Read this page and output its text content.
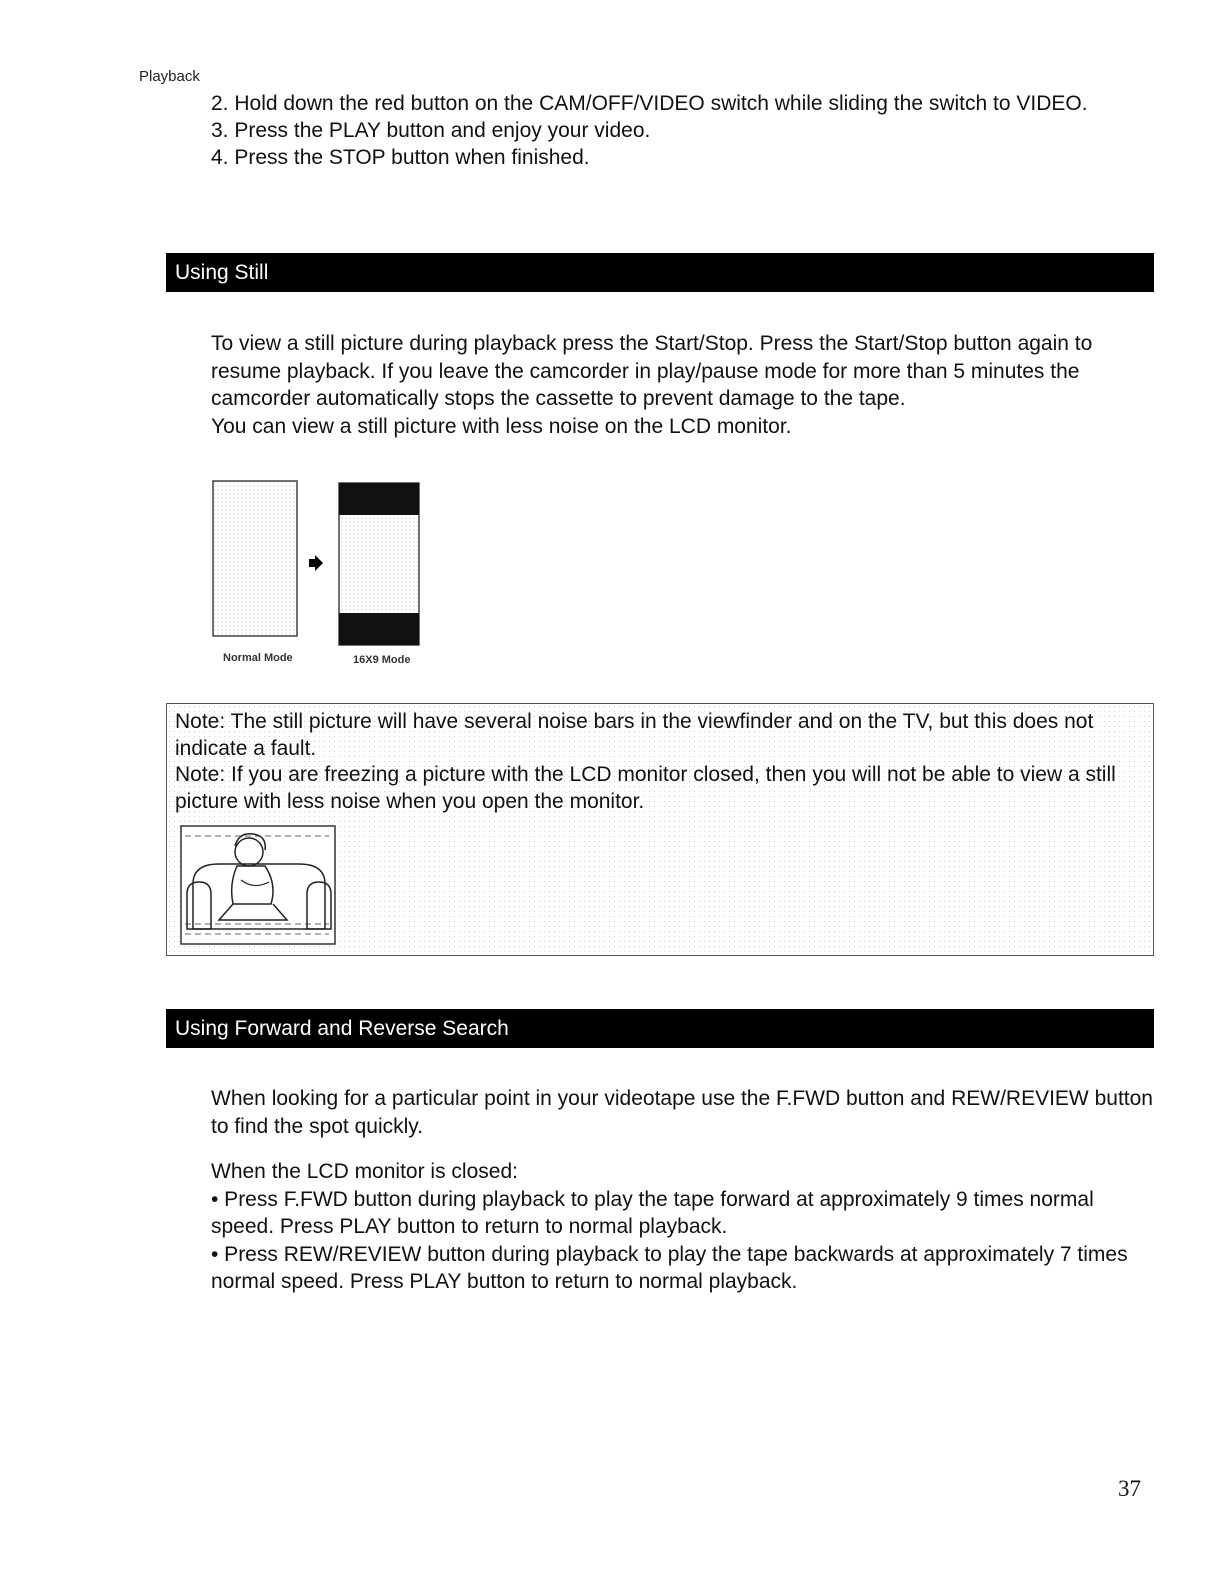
Playback

2. Hold down the red button on the CAM/OFF/VIDEO switch while sliding the switch to VIDEO.

3. Press the PLAY button and enjoy your video.

4. Press the STOP button when finished.

Using Still

To view a still picture during playback press the Start/Stop. Press the Start/Stop button again to resume playback. If you leave the camcorder in play/pause mode for more than 5 minutes the camcorder automatically stops the cassette to prevent damage to the tape.

You can view a still picture with less noise on the LCD monitor.

Normal Mode	16X9 Mode

Note: The still picture will have several noise bars in the viewfinder and on the TV, but this does not indicate a fault.

Note: If you are freezing a picture with the LCD monitor closed, then you will not be able to view a still picture with less noise when you open the monitor.

Using Forward and Reverse Search
When looking for a particular point in your videotape use the F.FWD button and REW/REVIEW button to find the spot quickly.

When the LCD monitor is closed:

• Press F.FWD button during playback to play the tape forward at approximately 9 times normal speed. Press PLAY button to return to normal playback.

• Press REW/REVIEW button during playback to play the tape backwards at approximately 7 times normal speed. Press PLAY button to return to normal playback.

37
